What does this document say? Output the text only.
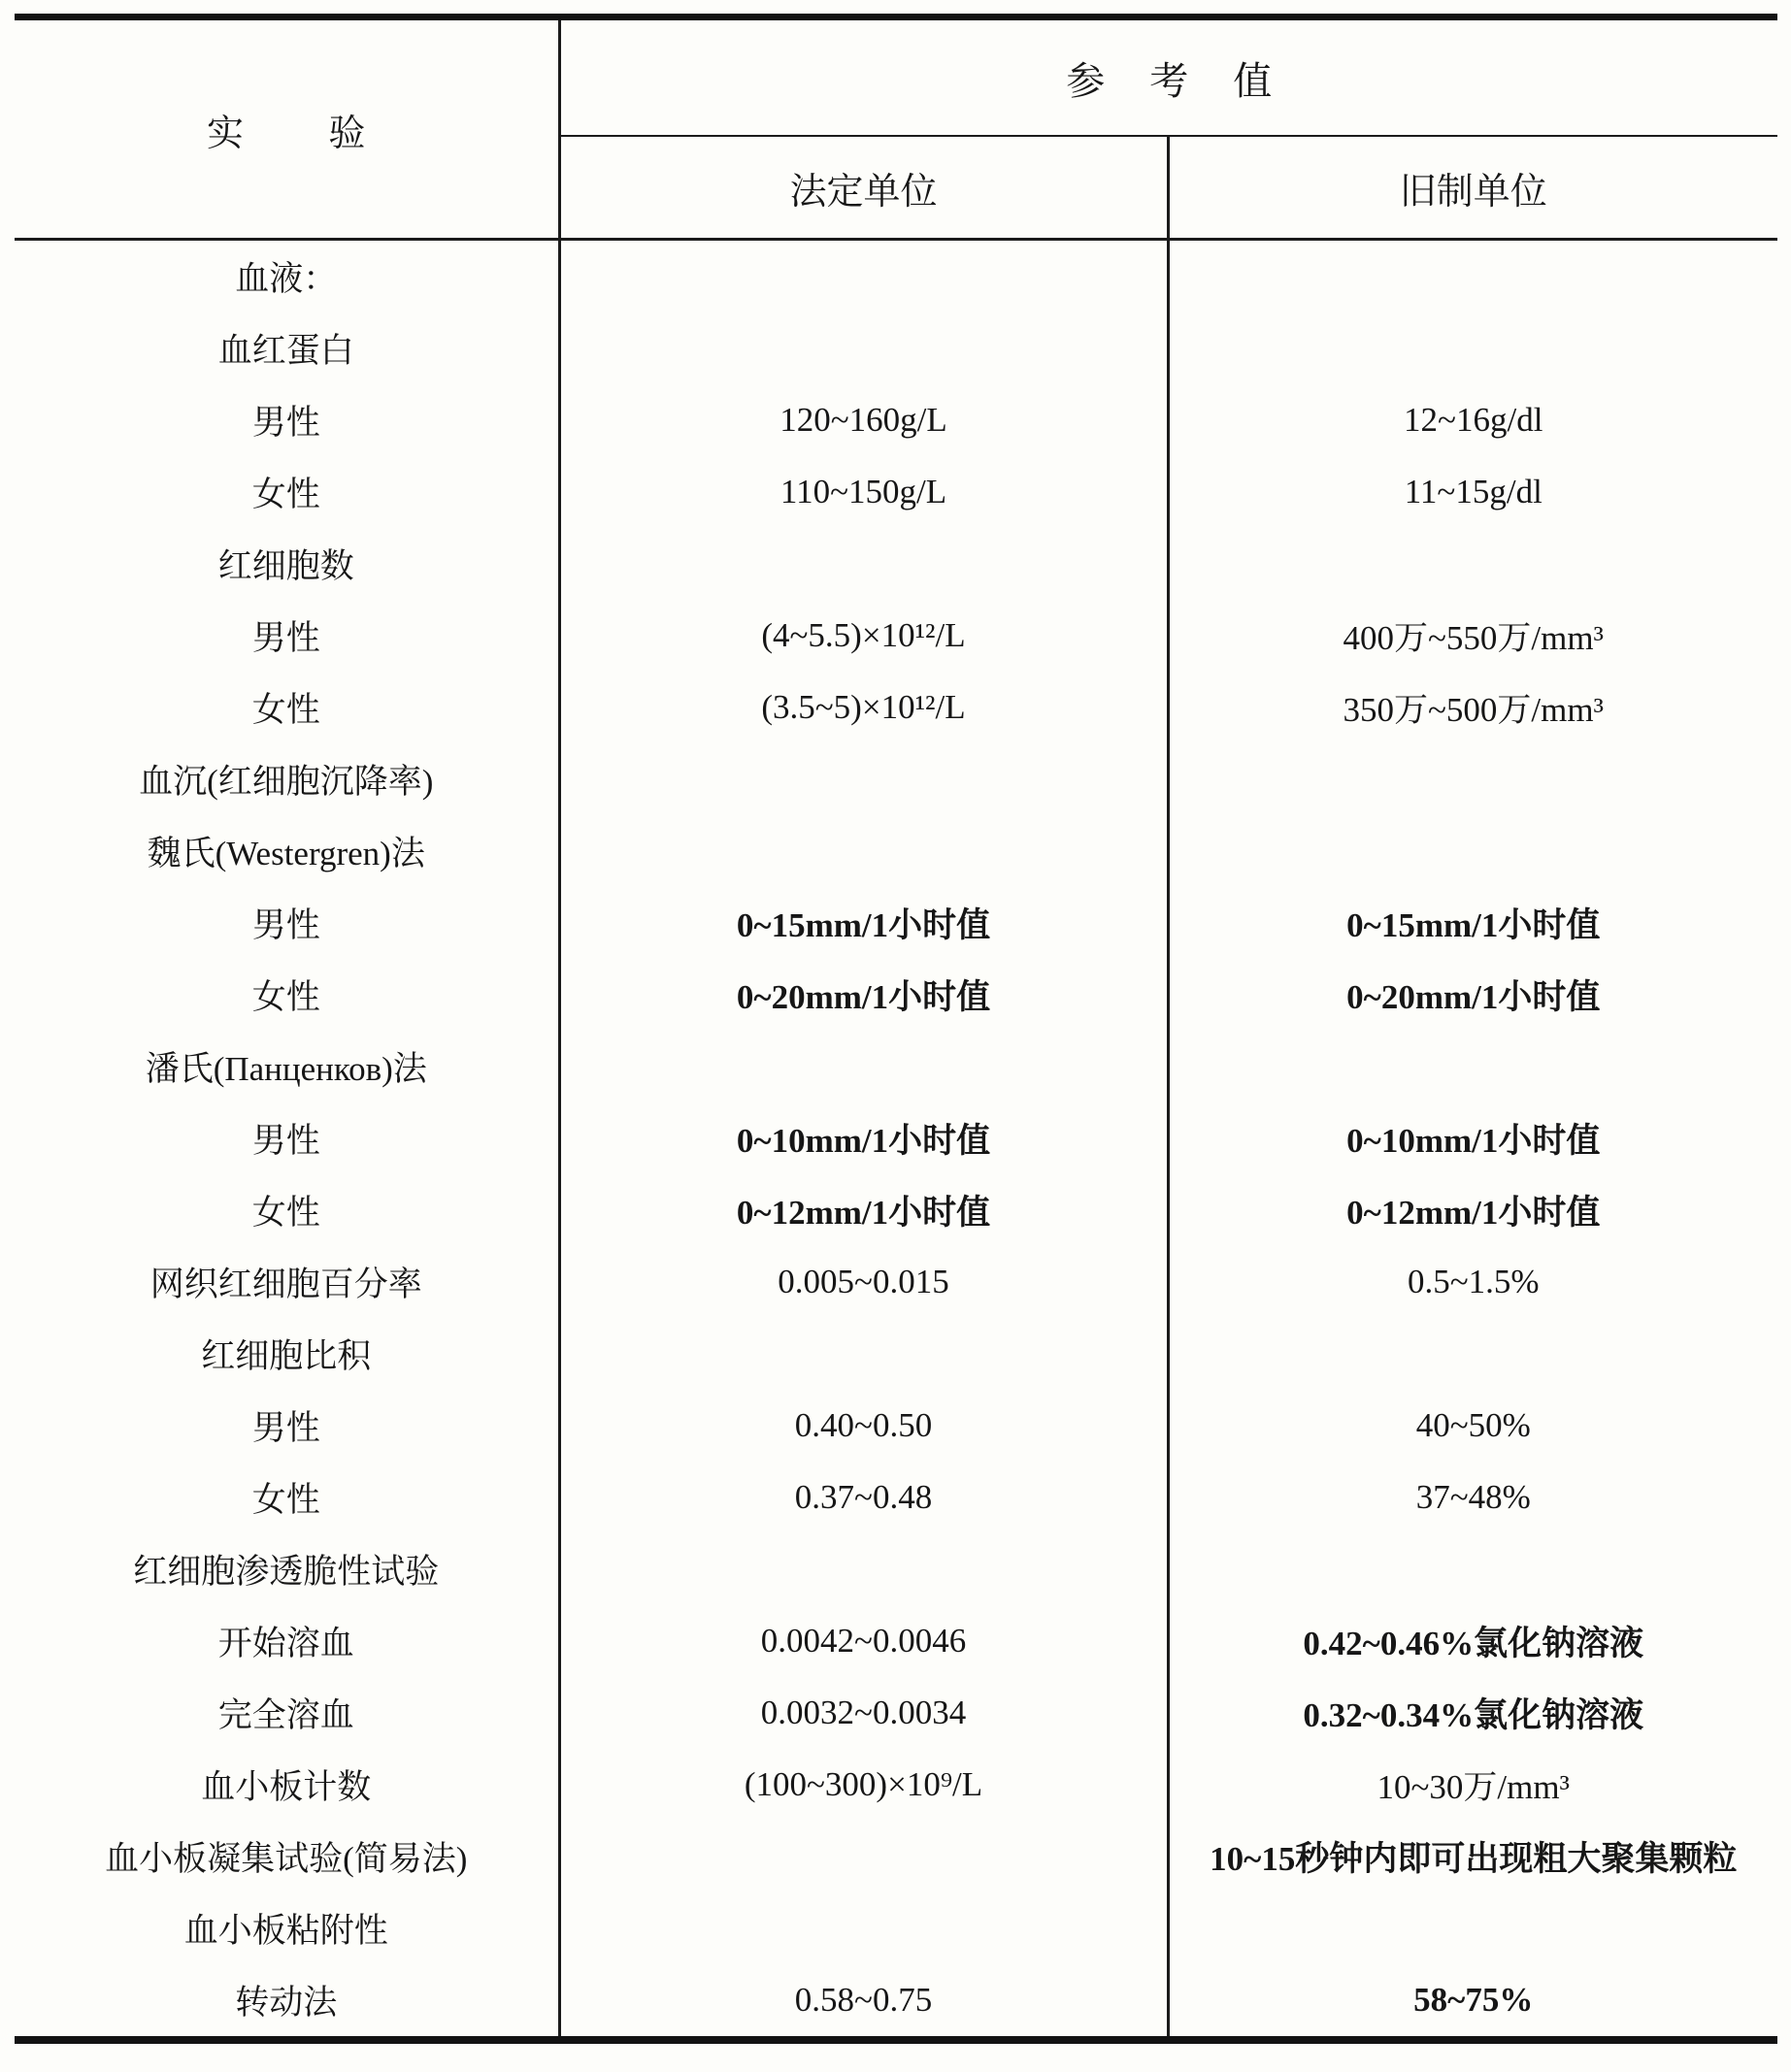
实验	参考值	
	法定单位	旧制单位
血液：		
血红蛋白		
男性	120~160g/L	12~16g/dl
女性	110~150g/L	11~15g/dl
红细胞数		
男性	(4~5.5)×10¹²/L	400万~550万/mm³
女性	(3.5~5)×10¹²/L	350万~500万/mm³
血沉(红细胞沉降率)		
魏氏(Westergren)法		
男性	0~15mm/1小时值	0~15mm/1小时值
女性	0~20mm/1小时值	0~20mm/1小时值
潘氏(Панценков)法		
男性	0~10mm/1小时值	0~10mm/1小时值
女性	0~12mm/1小时值	0~12mm/1小时值
网织红细胞百分率	0.005~0.015	0.5~1.5%
红细胞比积		
男性	0.40~0.50	40~50%
女性	0.37~0.48	37~48%
红细胞渗透脆性试验		
开始溶血	0.0042~0.0046	0.42~0.46%氯化钠溶液
完全溶血	0.0032~0.0034	0.32~0.34%氯化钠溶液
血小板计数	(100~300)×10⁹/L	10~30万/mm³
血小板凝集试验(简易法)		10~15秒钟内即可出现粗大聚集颗粒
血小板粘附性		
转动法	0.58~0.75	58~75%
